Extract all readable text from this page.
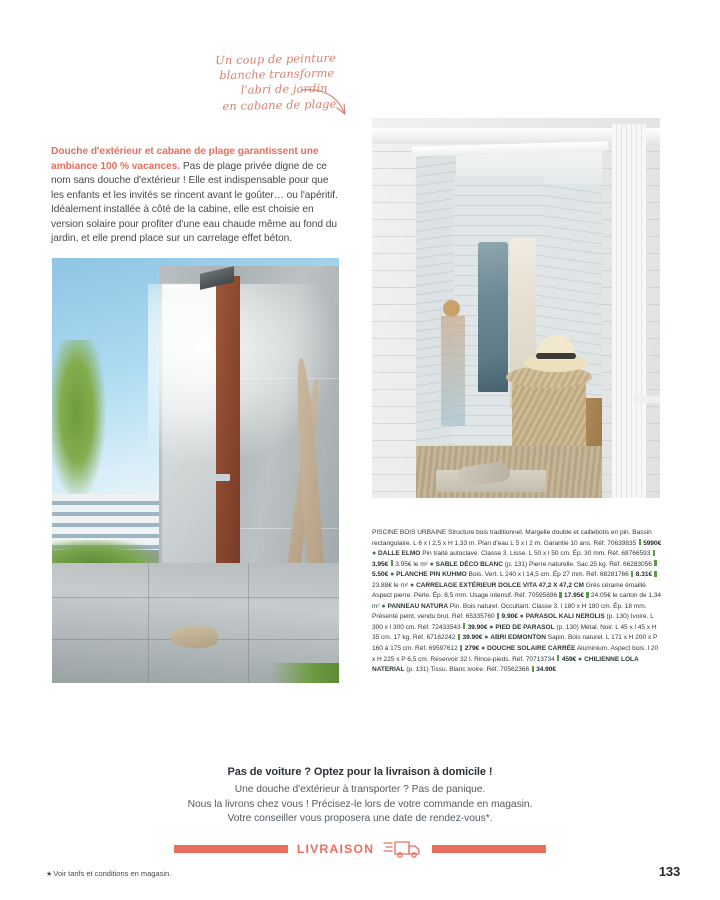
Un coup de peinture
blanche transforme
l'abri de jardin
en cabane de plage
Douche d'extérieur et cabane de plage garantissent une ambiance 100 % vacances. Pas de plage privée digne de ce nom sans douche d'extérieur ! Elle est indispensable pour que les enfants et les invités se rincent avant le goûter… ou l'apéritif. Idéalement installée à côté de la cabine, elle est choisie en version solaire pour profiter d'une eau chaude même au fond du jardin, et elle prend place sur un carrelage effet béton.
PISCINE BOIS URBAINE Structure bois traditionnel. Margelle double et caillebotis en pin. Bassin rectangulaire. L 6 x l 2,5 x H 1,33 m. Plan d'eau L 5 x l 2 m. Garantie 10 ans. Réf. 70639835 5990€ ● DALLE ELMO Pin traité autoclave. Classe 3. Lisse. L 50 x l 50 cm. Ép. 30 mm. Réf. 687665933.95€ 3.95€ le m² ● SABLE DÉCO BLANC (p. 131) Pierre naturelle. Sac 25 kg. Réf. 662830565.50€ ● PLANCHE PIN KUHMO Bois. Vert. L 240 x l 14,5 cm. Ép 27 mm. Réf. 68281766 8.31€23.88€ le m² ● CARRELAGE EXTÉRIEUR DOLCE VITA 47,2 X 47,2 CM Grès cérame émaillé. Aspect pierre. Perle. Ép. 8,5 mm. Usage intensif. Réf. 70595896 17.95€ 24.05€ le carton de 1,34 m² ● PANNEAU NATURA Pin. Bois naturel. Occultant. Classe 3. l 180 x H 180 cm. Ép. 18 mm. Présenté peint, vendu brut. Réf. 65335760 9.90€ ● PARASOL KALI NEROLIS (p. 130) Ivoire. L 300 x l 300 cm. Réf. 72433543 39.90€ ● PIED DE PARASOL (p. 130) Métal. Noir. L 45 x l 45 x H 35 cm. 17 kg. Réf. 67162242 39.90€ ● ABRI EDMONTON Sapin. Bois naturel. L 171 x H 200 x P 160 à 175 cm. Réf. 69597612 279€ ● DOUCHE SOLAIRE CARRÉE Aluminium. Aspect bois. l 20 x H 225 x P 6,5 cm. Réservoir 32 l. Rince-pieds. Réf. 70713734 459€ ● CHILIENNE LOLA NATERIAL (p. 131) Tissu. Blanc ivoire. Réf. 70562366 34.90€
Pas de voiture ? Optez pour la livraison à domicile !

Une douche d'extérieur à transporter ? Pas de panique.

Nous la livrons chez vous ! Précisez-le lors de votre commande en magasin.

Votre conseiller vous proposera une date de rendez-vous*.

LIVRAISON
★Voir tarifs et conditions en magasin.	133
